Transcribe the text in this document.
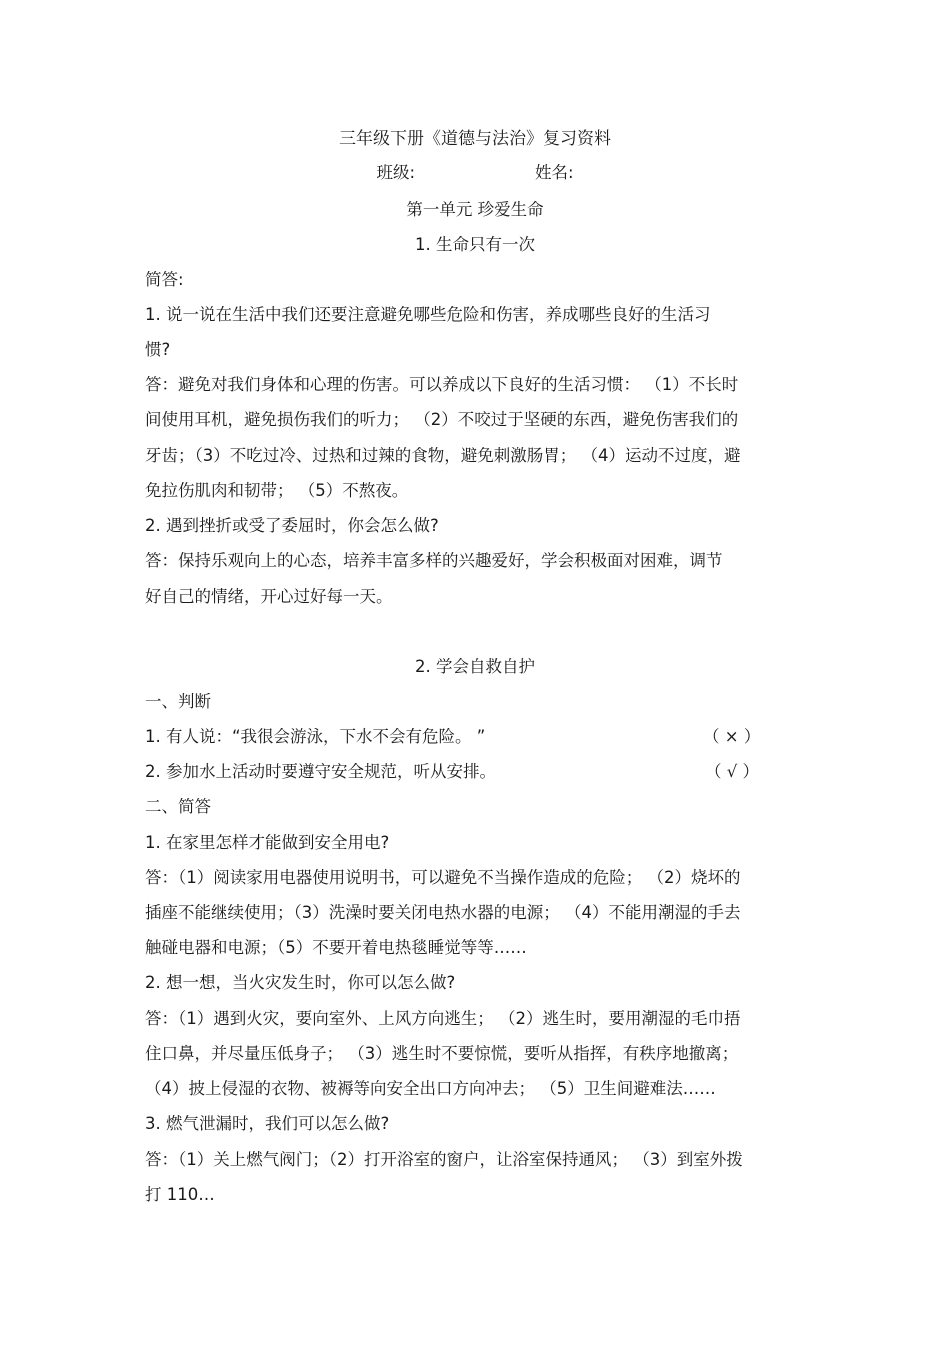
三年级下册《道德与法治》复习资料
班级:	姓名:
第一单元 珍爱生命
1. 生命只有一次
简答:
1. 说一说在生活中我们还要注意避免哪些危险和伤害，养成哪些良好的生活习
惯?
答：避免对我们身体和心理的伤害。可以养成以下良好的生活习惯： （1）不长时
间使用耳机，避免损伤我们的听力； （2）不咬过于坚硬的东西，避免伤害我们的
牙齿；（3）不吃过冷、过热和过辣的食物，避免刺激肠胃； （4）运动不过度，避
免拉伤肌肉和韧带； （5）不熬夜。
2. 遇到挫折或受了委屈时，你会怎么做?
答：保持乐观向上的心态，培养丰富多样的兴趣爱好，学会积极面对困难，调节
好自己的情绪，开心过好每一天。
2. 学会自救自护
一、判断
1. 有人说：“我很会游泳，下水不会有危险。 ”	（ × ）
2. 参加水上活动时要遵守安全规范，听从安排。	（ √ ）
二、简答
1. 在家里怎样才能做到安全用电?
答：（1）阅读家用电器使用说明书，可以避免不当操作造成的危险； （2）烧坏的
插座不能继续使用；（3）洗澡时要关闭电热水器的电源； （4）不能用潮湿的手去
触碰电器和电源；（5）不要开着电热毯睡觉等等……
2. 想一想，当火灾发生时，你可以怎么做?
答：（1）遇到火灾，要向室外、上风方向逃生； （2）逃生时，要用潮湿的毛巾捂
住口鼻，并尽量压低身子； （3）逃生时不要惊慌，要听从指挥，有秩序地撤离；
（4）披上侵湿的衣物、被褥等向安全出口方向冲去； （5）卫生间避难法……
3. 燃气泄漏时，我们可以怎么做?
答：（1）关上燃气阀门；（2）打开浴室的窗户，让浴室保持通风； （3）到室外拨
打 110…
